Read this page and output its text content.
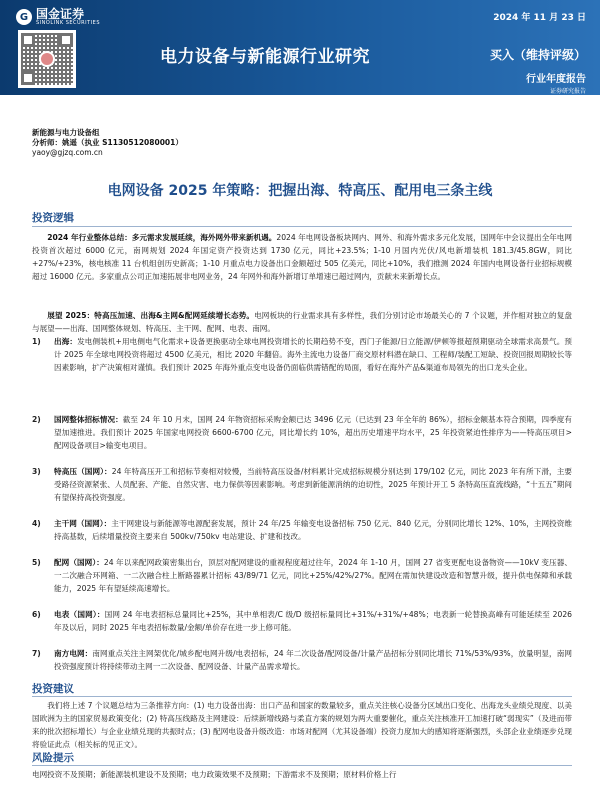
G 国金证券
SINOLINK SECURITIES	2024 年 11 月 23 日
电力设备与新能源行业研究	买入（维持评级）
行业年度报告
证券研究报告
新能源与电力设备组
分析师：姚遥（执业 S1130512080001）
yaoy@gjzq.com.cn
电网设备 2025 年策略：把握出海、特高压、配用电三条主线
投资逻辑
2024 年行业整体总结：多元需求发展延续，海外网外带来新机遇。2024 年电网设备板块网内、网外、和海外需求多元化发展，国网年中会议提出全年电网投资首次超过 6000 亿元，南网规划 2024 年国定资产投资达到 1730 亿元，同比+23.5%；1-10 月国内光伏/风电新增装机 181.3/45.8GW，同比+27%/+23%，核电核准 11 台机组创历史新高；1-10 月重点电力设备出口金额超过 505 亿美元，同比+10%，我们推测 2024 年国内电网设备行业招标规模超过 16000 亿元。多家重点公司正加速拓展非电网业务，24 年网外和海外新增订单增速已超过网内，贡献未来新增长点。
展望 2025：特高压加速、出海&主网&配网延续增长态势。电网板块的行业需求具有多样性，我们分别讨论市场最关心的 7 个议题，并作相对独立的复盘与展望——出海、国网整体规划、特高压、主干网、配网、电表、南网。
1)	出海：发电侧装机+用电侧电气化需求+设备更换驱动全球电网投资增长的长期趋势不变，西门子能源/日立能源/伊顿等报超预期驱动全球需求高景气。预计 2025 年全球电网投资将超过 4500 亿美元，相比 2020 年翻倍。海外主流电力设备厂商交原材料潜在缺口、工程师/装配工短缺、投资回报周期较长等因素影响，扩产决策相对谨慎。我们预计 2025 年海外重点变电设备仍面临供需错配的局面，看好在海外产品&渠道布局领先的出口龙头企业。
2)	国网整体招标情况：截至 24 年 10 月末，国网 24 年物资招标采购金额已达 3496 亿元（已达到 23 年全年的 86%），招标金额基本符合预期，四季度有望加速推进。我们预计 2025 年国家电网投资 6600-6700 亿元，同比增长约 10%，超出历史增速平均水平，25 年投资紧迫性排序为——特高压项目>配网设备项目>输变电项目。
3)	特高压（国网）：24 年特高压开工和招标节奏相对较慢，当前特高压设备/材料累计完成招标规模分别达到 179/102 亿元，同比 2023 年有所下滑，主要受路径资源紧张、人员配套、产能、自然灾害、电力保供等因素影响。考虑到新能源消纳的迫切性，2025 年预计开工 5 条特高压直流线路，“十五五”期间有望保持高投资强度。
4)	主干网（国网）：主干网建设与新能源等电源配套发展，预计 24 年/25 年输变电设备招标 750 亿元、840 亿元，分别同比增长 12%、10%，主网投资维持高基数，后续增量投资主要来自 500kv/750kv 电站建设、扩建和技改。
5)	配网（国网）：24 年以来配网政策密集出台，顶层对配网建设的重视程度超过往年，2024 年 1-10 月，国网 27 省变更配电设备物资——10kV 变压器、一二次融合环网箱、一二次融合柱上断路器累计招标 43/89/71 亿元，同比+25%/42%/27%。配网在需加快建设改造和智慧升级，提升供电保障和承载能力，2025 年有望延续高速增长。
6)	电表（国网）：国网 24 年电表招标总量同比+25%，其中单相表/C 级/D 级招标量同比+31%/+31%/+48%；电表新一轮替换高峰有可能延续至 2026 年及以后，同时 2025 年电表招标数量/金额/单价存在进一步上修可能。
7)	南方电网：南网重点关注主网架优化/城乡配电网升级/电表招标，24 年二次设备/配网设备/计量产品招标分别同比增长 71%/53%/93%，放量明显，南网投资强度预计将持续带动主网一二次设备、配网设备、计量产品需求增长。
投资建议
我们将上述 7 个议题总结为三条推荐方向：(1) 电力设备出海：出口产品和国家的数量较多，重点关注核心设备分区域出口变化、出海龙头业绩兑现度、以美国欧洲为主的国家贸易政策变化；(2) 特高压线路及主网建设：后续新增线路与柔直方案的规划为两大重要催化，重点关注核准开工加速打破“弱现实”（及进而带来的批次招标增长）与企业业绩兑现的共振时点；(3) 配网电设备升级改造：市场对配网（尤其设备端）投资力度加大的感知将逐渐强烈，头部企业业绩逐步兑现将验证此点（相关标的见正文）。
风险提示
电网投资不及预期；新能源装机建设不及预期；电力政策效果不及预期；下游需求不及预期；原材料价格上行
